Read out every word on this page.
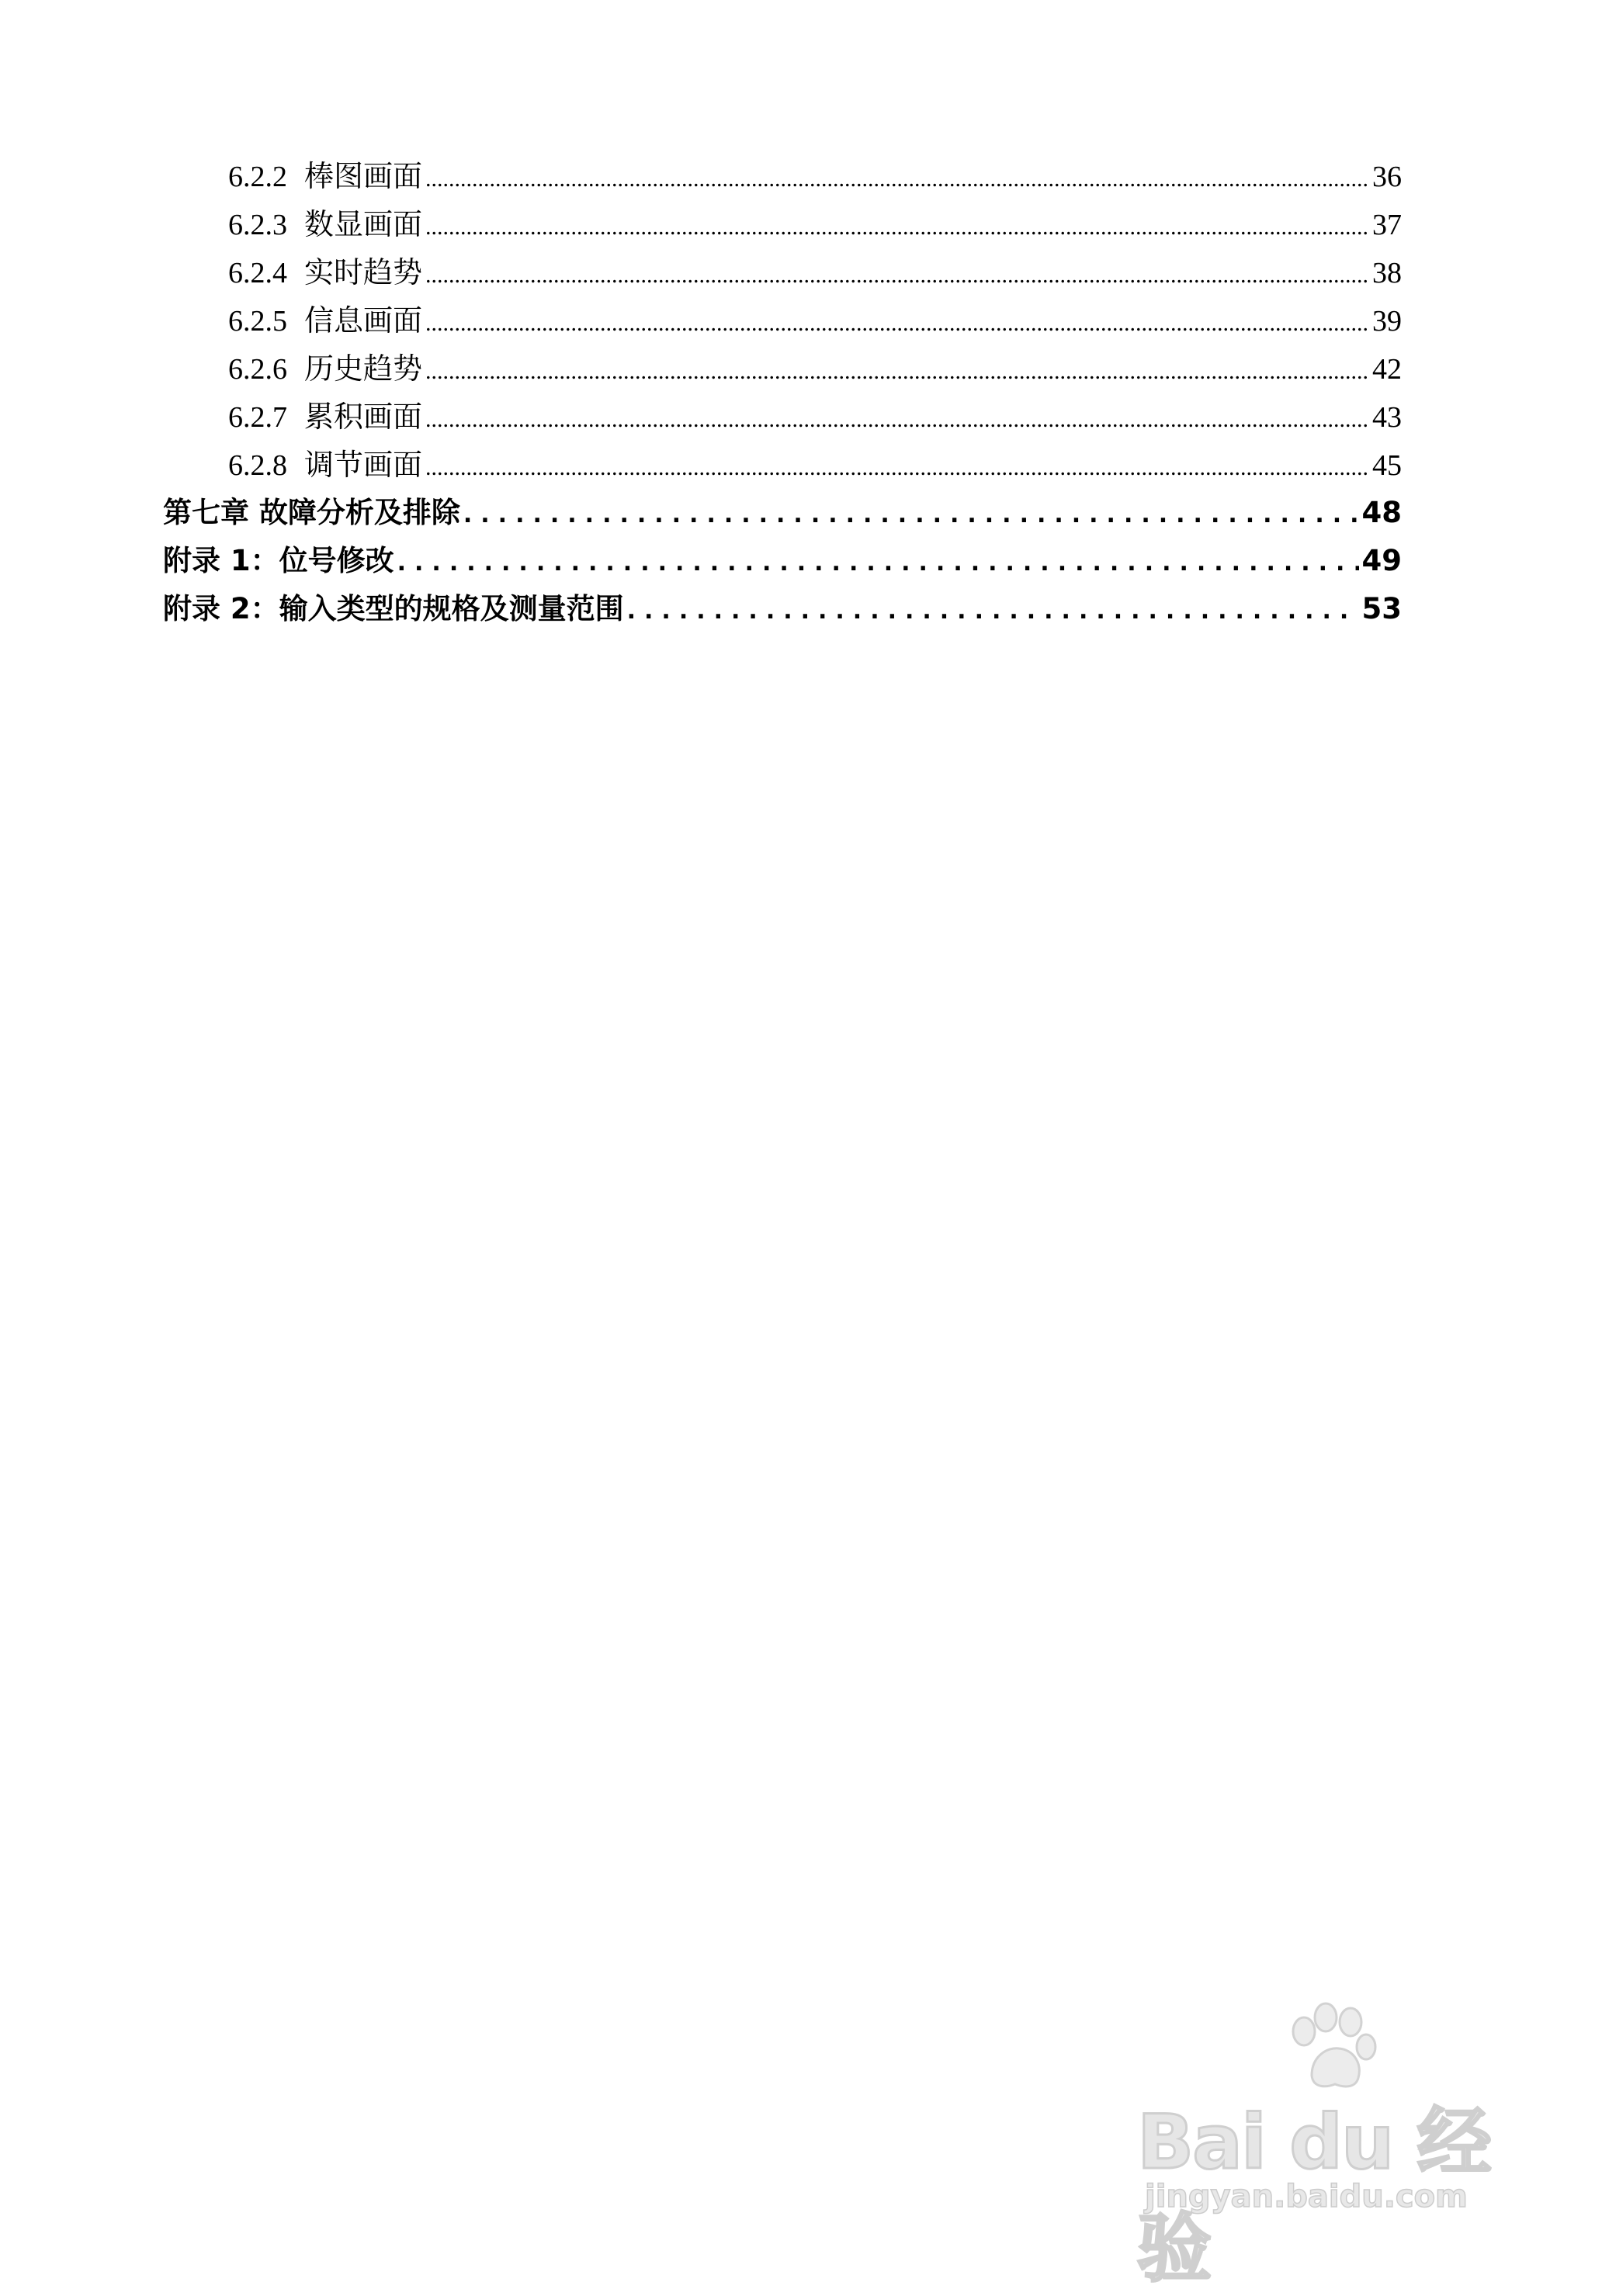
6.2.2 棒图画面 .....	36
6.2.3 数显画面 .....	37
6.2.4 实时趋势 .....	38
6.2.5 信息画面 .....	39
6.2.6 历史趋势 .....	42
6.2.7 累积画面 .....	43
6.2.8 调节画面 .....	45
第七章 故障分析及排除 .....	48
附录 1：位号修改 .....	49
附录 2：输入类型的规格及测量范围 .....	53
Bai du 经验
jingyan.baidu.com
